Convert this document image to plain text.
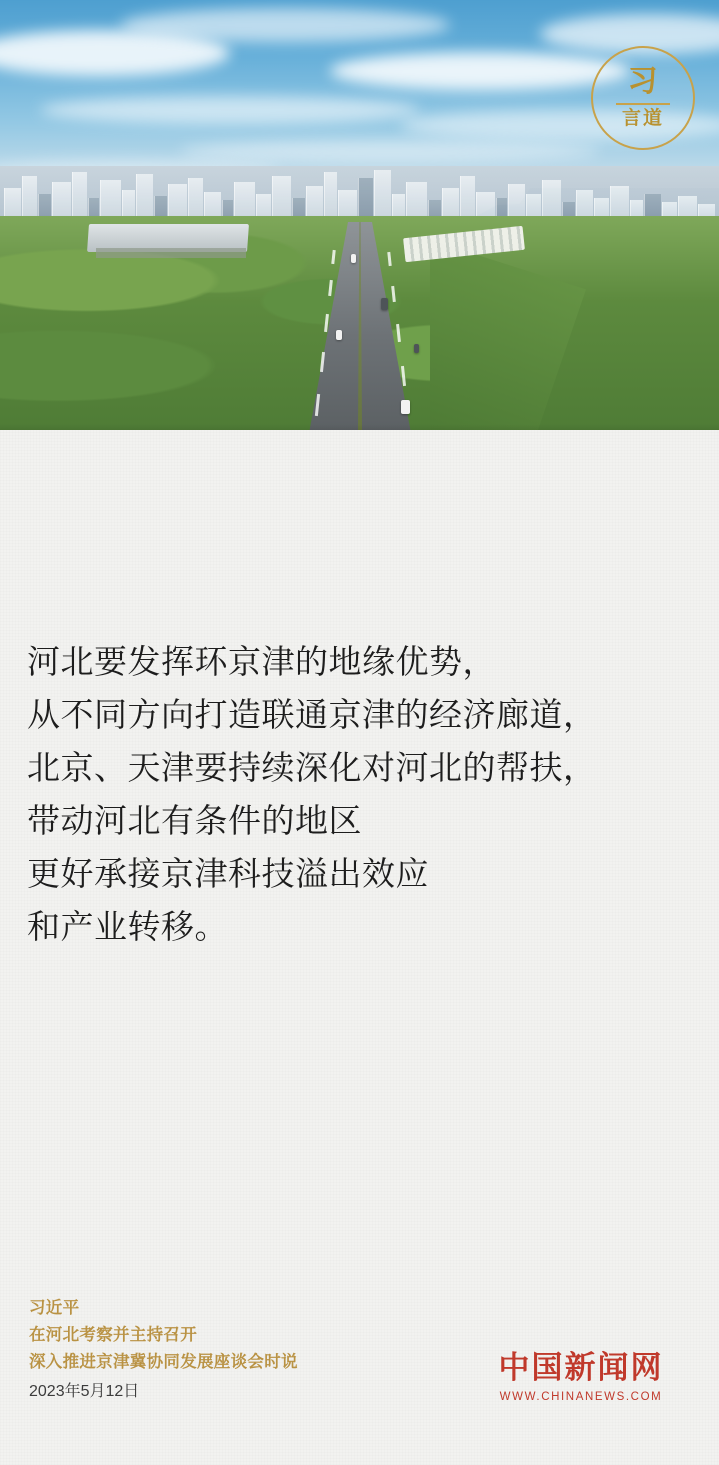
习
言道
河北要发挥环京津的地缘优势，
从不同方向打造联通京津的经济廊道，
北京、天津要持续深化对河北的帮扶，
带动河北有条件的地区
更好承接京津科技溢出效应
和产业转移。
习近平
在河北考察并主持召开
深入推进京津冀协同发展座谈会时说
2023年5月12日
中国新闻网
WWW.CHINANEWS.COM
